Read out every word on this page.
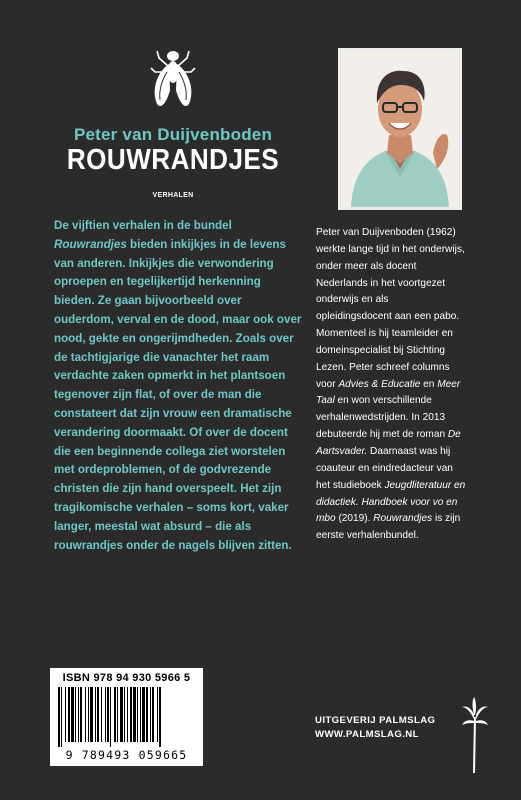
Peter van Duijvenboden
ROUWRANDJES
VERHALEN

De vijftien verhalen in de bundel Rouwrandjes bieden inkijkjes in de levens van anderen. Inkijkjes die verwondering oproepen en tegelijkertijd herkenning bieden. Ze gaan bijvoorbeeld over ouderdom, verval en de dood, maar ook over nood, gekte en ongerijmdheden. Zoals over de tachtigjarige die vanachter het raam verdachte zaken opmerkt in het plantsoen tegenover zijn flat, of over de man die constateert dat zijn vrouw een dramatische verandering doormaakt. Of over de docent die een beginnende collega ziet worstelen met ordeproblemen, of de godvrezende christen die zijn hand overspeelt. Het zijn tragikomische verhalen – soms kort, vaker langer, meestal wat absurd – die als rouwrandjes onder de nagels blijven zitten.

Peter van Duijvenboden (1962) werkte lange tijd in het onderwijs, onder meer als docent Nederlands in het voortgezet onderwijs en als opleidingsdocent aan een pabo. Momenteel is hij teamleider en domeinspecialist bij Stichting Lezen. Peter schreef columns voor Advies & Educatie en Meer Taal en won verschillende verhalenwedstrijden. In 2013 debuteerde hij met de roman De Aartsvader. Daarnaast was hij coauteur en eindredacteur van het studieboek Jeugdliteratuur en didactiek. Handboek voor vo en mbo (2019). Rouwrandjes is zijn eerste verhalenbundel.

ISBN 978 94 930 5966 5
9 789493 059665
UITGEVERIJ PALMSLAG
WWW.PALMSLAG.NL
